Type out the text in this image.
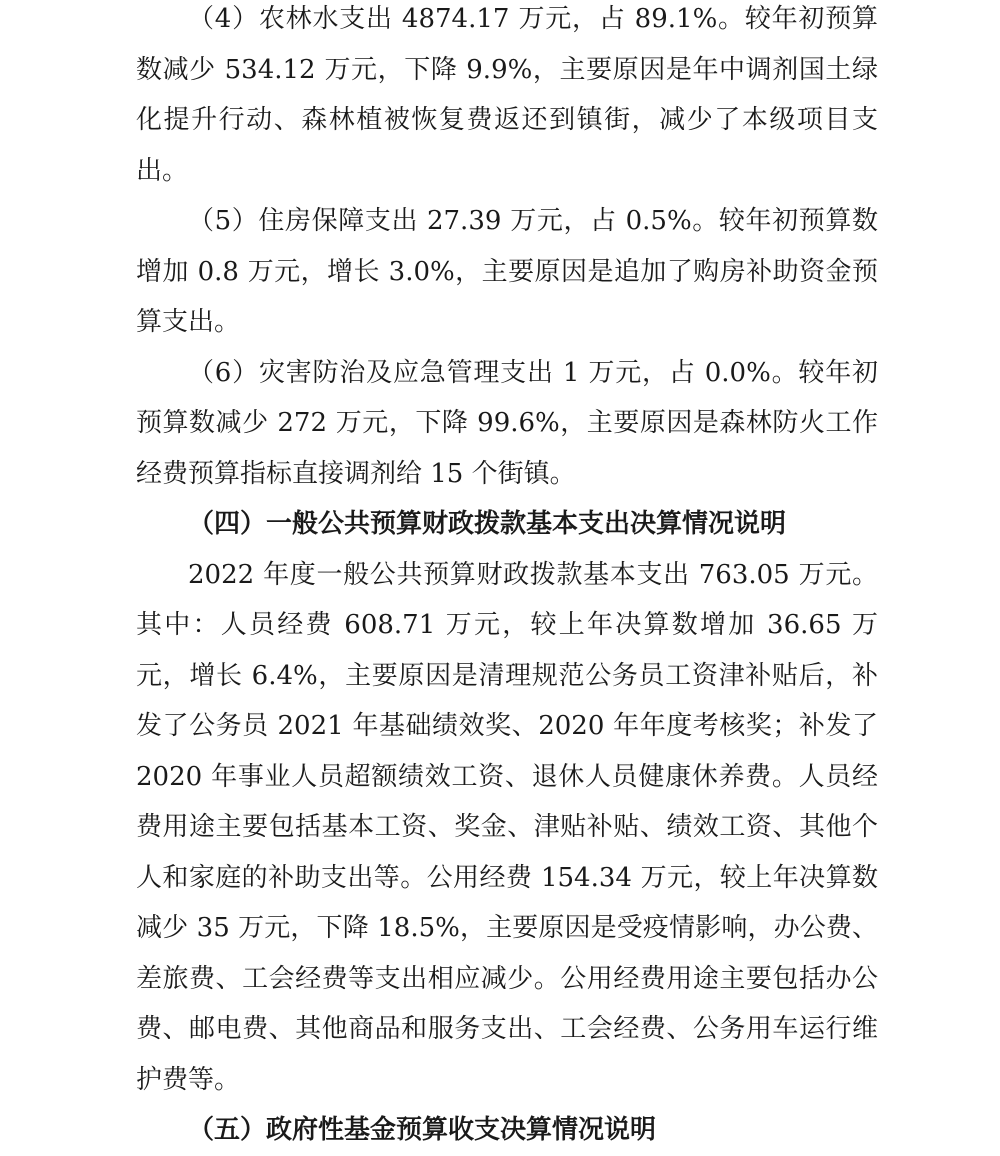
（4）农林水支出 4874.17 万元，占 89.1%。较年初预算数减少 534.12 万元，下降 9.9%，主要原因是年中调剂国土绿化提升行动、森林植被恢复费返还到镇街，减少了本级项目支出。

（5）住房保障支出 27.39 万元，占 0.5%。较年初预算数增加 0.8 万元，增长 3.0%，主要原因是追加了购房补助资金预算支出。

（6）灾害防治及应急管理支出 1 万元，占 0.0%。较年初预算数减少 272 万元，下降 99.6%，主要原因是森林防火工作经费预算指标直接调剂给 15 个街镇。

（四）一般公共预算财政拨款基本支出决算情况说明

2022 年度一般公共预算财政拨款基本支出 763.05 万元。其中：人员经费 608.71 万元，较上年决算数增加 36.65 万元，增长 6.4%，主要原因是清理规范公务员工资津补贴后，补发了公务员 2021 年基础绩效奖、2020 年年度考核奖；补发了 2020 年事业人员超额绩效工资、退休人员健康休养费。人员经费用途主要包括基本工资、奖金、津贴补贴、绩效工资、其他个人和家庭的补助支出等。公用经费 154.34 万元，较上年决算数减少 35 万元，下降 18.5%，主要原因是受疫情影响，办公费、差旅费、工会经费等支出相应减少。公用经费用途主要包括办公费、邮电费、其他商品和服务支出、工会经费、公务用车运行维护费等。

（五）政府性基金预算收支决算情况说明
